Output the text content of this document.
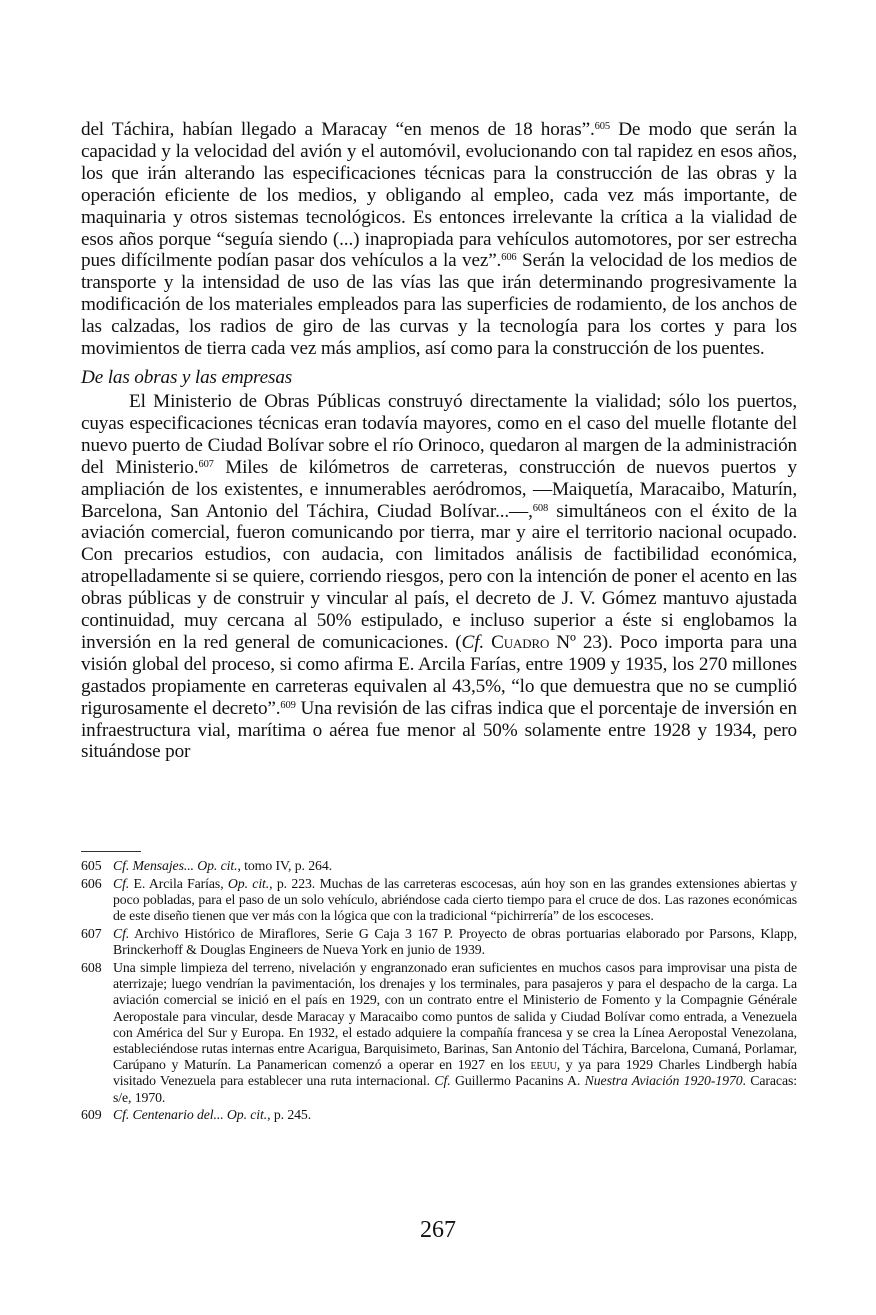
del Táchira, habían llegado a Maracay “en menos de 18 horas”.$^{605}$ De modo que serán la capacidad y la velocidad del avión y el automóvil, evolucionando con tal rapidez en esos años, los que irán alterando las especificaciones técnicas para la construcción de las obras y la operación eficiente de los medios, y obligando al empleo, cada vez más importante, de maquinaria y otros sistemas tecnológicos. Es entonces irrelevante la crítica a la vialidad de esos años porque “seguía siendo (...) inapropiada para vehículos automotores, por ser estrecha pues difícilmente podían pasar dos vehículos a la vez”.$^{606}$ Serán la velocidad de los medios de transporte y la intensidad de uso de las vías las que irán determinando progresivamente la modificación de los materiales empleados para las superficies de rodamiento, de los anchos de las calzadas, los radios de giro de las curvas y la tecnología para los cortes y para los movimientos de tierra cada vez más amplios, así como para la construcción de los puentes.

De las obras y las empresas

El Ministerio de Obras Públicas construyó directamente la vialidad; sólo los puertos, cuyas especificaciones técnicas eran todavía mayores, como en el caso del muelle flotante del nuevo puerto de Ciudad Bolívar sobre el río Orinoco, quedaron al margen de la administración del Ministerio.$^{607}$ Miles de kilómetros de carreteras, construcción de nuevos puertos y ampliación de los existentes, e innumerables aeródromos, —Maiquetía, Maracaibo, Maturín, Barcelona, San Antonio del Táchira, Ciudad Bolívar...—,$^{608}$ simultáneos con el éxito de la aviación comercial, fueron comunicando por tierra, mar y aire el territorio nacional ocupado. Con precarios estudios, con audacia, con limitados análisis de factibilidad económica, atropelladamente si se quiere, corriendo riesgos, pero con la intención de poner el acento en las obras públicas y de construir y vincular al país, el decreto de J. V. Gómez mantuvo ajustada continuidad, muy cercana al 50% estipulado, e incluso superior a éste si englobamos la inversión en la red general de comunicaciones. (Cf. Cuadro Nº 23). Poco importa para una visión global del proceso, si como afirma E. Arcila Farías, entre 1909 y 1935, los 270 millones gastados propiamente en carreteras equivalen al 43,5%, “lo que demuestra que no se cumplió rigurosamente el decreto”.$^{609}$ Una revisión de las cifras indica que el porcentaje de inversión en infraestructura vial, marítima o aérea fue menor al 50% solamente entre 1928 y 1934, pero situándose por

605 Cf. Mensajes... Op. cit., tomo IV, p. 264.
606 Cf. E. Arcila Farías, Op. cit., p. 223. Muchas de las carreteras escocesas, aún hoy son en las grandes extensiones abiertas y poco pobladas, para el paso de un solo vehículo, abriéndose cada cierto tiempo para el cruce de dos. Las razones económicas de este diseño tienen que ver más con la lógica que con la tradicional “pichirrería” de los escoceses.
607 Cf. Archivo Histórico de Miraflores, Serie G Caja 3 167 P. Proyecto de obras portuarias elaborado por Parsons, Klapp, Brinckerhoff & Douglas Engineers de Nueva York en junio de 1939.
608 Una simple limpieza del terreno, nivelación y engranzonado eran suficientes en muchos casos para improvisar una pista de aterrizaje; luego vendrían la pavimentación, los drenajes y los terminales, para pasajeros y para el despacho de la carga. La aviación comercial se inició en el país en 1929, con un contrato entre el Ministerio de Fomento y la Compagnie Générale Aeropostale para vincular, desde Maracay y Maracaibo como puntos de salida y Ciudad Bolívar como entrada, a Venezuela con América del Sur y Europa. En 1932, el estado adquiere la compañía francesa y se crea la Línea Aeropostal Venezolana, estableciéndose rutas internas entre Acarigua, Barquisimeto, Barinas, San Antonio del Táchira, Barcelona, Cumaná, Porlamar, Carúpano y Maturín. La Panamerican comenzó a operar en 1927 en los eeuu, y ya para 1929 Charles Lindbergh había visitado Venezuela para establecer una ruta internacional. Cf. Guillermo Pacanins A. Nuestra Aviación 1920-1970. Caracas: s/e, 1970.
609 Cf. Centenario del... Op. cit., p. 245.
267
